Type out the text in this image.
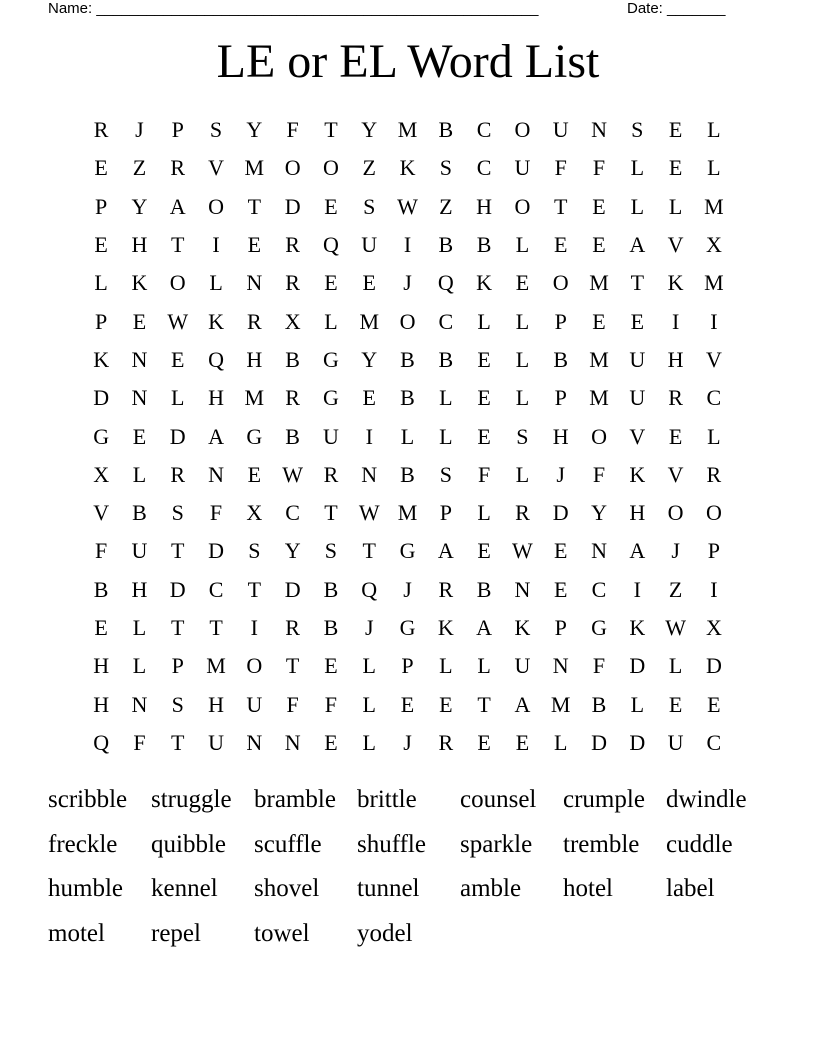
Name: _____________________________________________________	Date: _______
LE or EL Word List
R	J	P	S	Y	F	T	Y M B	C	O	U	N	S	E	L
E	Z	R	V M O	O	Z	K	S	C	U	F	F	L	E	L
P	Y	A	O	T	D	E	S W Z	H	O	T	E	L	L M
E	H	T	I	E	R	Q	U	I	B	B	L	E	E	A	V	X
L	K	O	L	N	R	E	E	J	Q	K	E	O M T	K M
P	E W K	R	X	L M O	C	L	L	P	E	E	I	I
K	N	E	Q	H	B	G	Y	B	B	E	L	B M U	H	V
D	N	L	H M R	G	E	B	L	E	L	P	M U	R	C
G	E	D	A	G	B	U	I	L	L	E	S	H	O	V	E	L
X	L	R	N	E W R	N	B	S	F	L	J	F	K	V	R
V	B	S	F	X	C	T W M	P	L	R	D	Y	H	O	O
F	U	T	D	S	Y	S	T	G	A	E W E	N	A	J	P
B	H	D	C	T	D	B	Q	J	R	B	N	E	C	I	Z	I
E	L	T	T	I	R	B	J	G	K	A	K	P	G	K W X
H	L	P	M O	T	E	L	P	L	L	U	N	F	D	L	D
H	N	S	H	U	F	F	L	E	E	T	A M B	L	E	E
Q	F	T	U	N	N	E	L	J	R	E	E	L	D	D	U	C
scribble struggle bramble brittle	counsel	crumple dwindle
freckle	quibble	scuffle	shuffle	sparkle	tremble	cuddle
humble	kennel	shovel	tunnel	amble	hotel	label
motel	repel	towel	yodel
